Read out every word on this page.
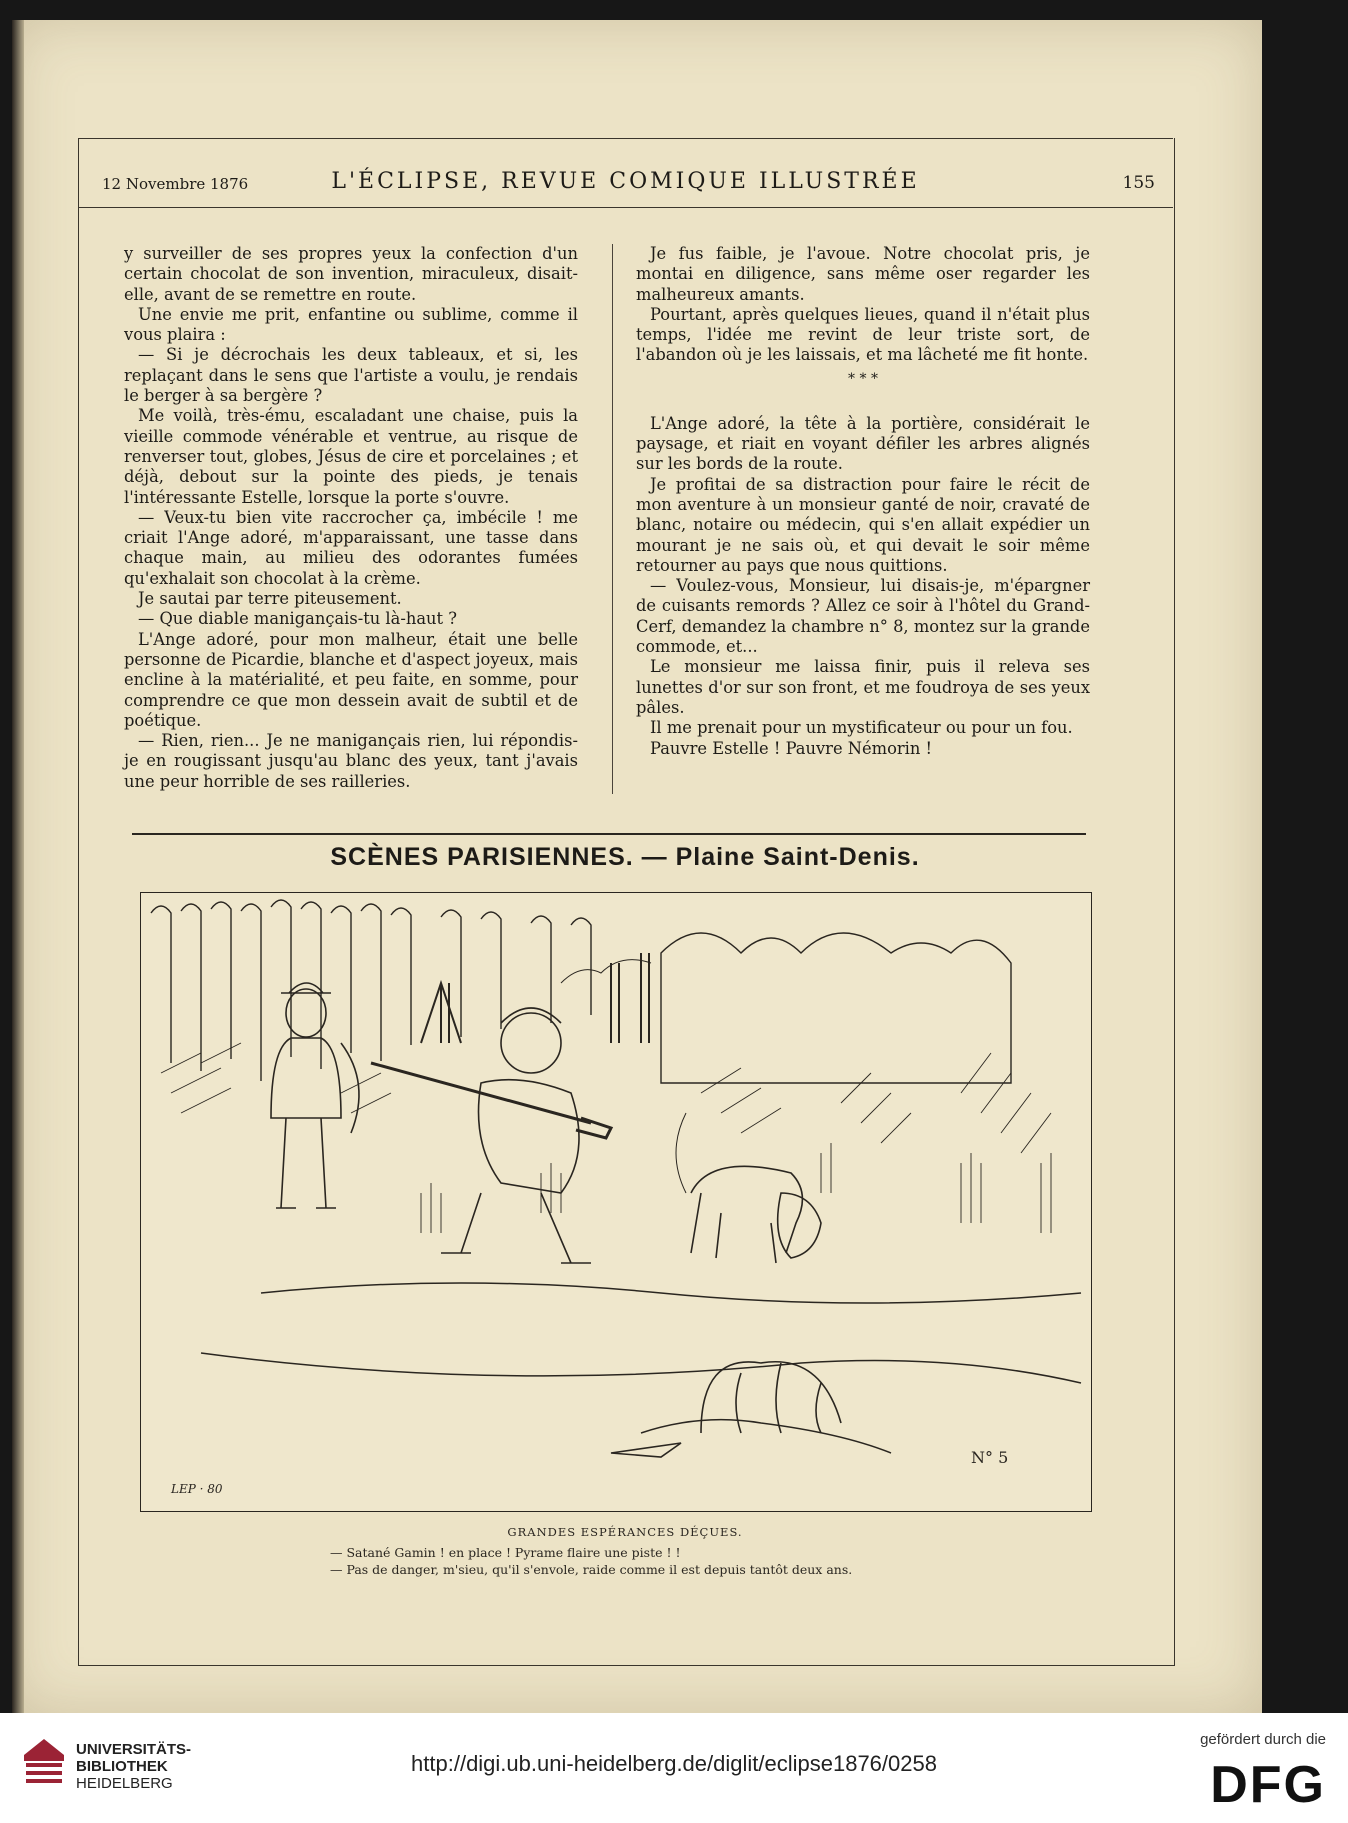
12 Novembre 1876	L'ÉCLIPSE, REVUE COMIQUE ILLUSTRÉE	155

y surveiller de ses propres yeux la confection d'un certain chocolat de son invention, miraculeux, disait-elle, avant de se remettre en route.

Une envie me prit, enfantine ou sublime, comme il vous plaira :

— Si je décrochais les deux tableaux, et si, les replaçant dans le sens que l'artiste a voulu, je rendais le berger à sa bergère ?

Me voilà, très-ému, escaladant une chaise, puis la vieille commode vénérable et ventrue, au risque de renverser tout, globes, Jésus de cire et porcelaines ; et déjà, debout sur la pointe des pieds, je tenais l'intéressante Estelle, lorsque la porte s'ouvre.

— Veux-tu bien vite raccrocher ça, imbécile ! me criait l'Ange adoré, m'apparaissant, une tasse dans chaque main, au milieu des odorantes fumées qu'exhalait son chocolat à la crème.

Je sautai par terre piteusement.

— Que diable manigançais-tu là-haut ?

L'Ange adoré, pour mon malheur, était une belle personne de Picardie, blanche et d'aspect joyeux, mais encline à la matérialité, et peu faite, en somme, pour comprendre ce que mon dessein avait de subtil et de poétique.

— Rien, rien... Je ne manigançais rien, lui répondis-je en rougissant jusqu'au blanc des yeux, tant j'avais une peur horrible de ses railleries.

Je fus faible, je l'avoue. Notre chocolat pris, je montai en diligence, sans même oser regarder les malheureux amants.

Pourtant, après quelques lieues, quand il n'était plus temps, l'idée me revint de leur triste sort, de l'abandon où je les laissais, et ma lâcheté me fit honte.

* * *

L'Ange adoré, la tête à la portière, considérait le paysage, et riait en voyant défiler les arbres alignés sur les bords de la route.

Je profitai de sa distraction pour faire le récit de mon aventure à un monsieur ganté de noir, cravaté de blanc, notaire ou médecin, qui s'en allait expédier un mourant je ne sais où, et qui devait le soir même retourner au pays que nous quittions.

— Voulez-vous, Monsieur, lui disais-je, m'épargner de cuisants remords ? Allez ce soir à l'hôtel du Grand-Cerf, demandez la chambre n° 8, montez sur la grande commode, et...

Le monsieur me laissa finir, puis il releva ses lunettes d'or sur son front, et me foudroya de ses yeux pâles.

Il me prenait pour un mystificateur ou pour un fou.

Pauvre Estelle ! Pauvre Némorin !

SCÈNES PARISIENNES. — Plaine Saint-Denis.
LEP · 80
N° 5
GRANDES ESPÉRANCES DÉÇUES.
— Satané Gamin ! en place ! Pyrame flaire une piste ! !
— Pas de danger, m'sieu, qu'il s'envole, raide comme il est depuis tantôt deux ans.
UNIVERSITÄTS-
BIBLIOTHEK
HEIDELBERG
http://digi.ub.uni-heidelberg.de/diglit/eclipse1876/0258
gefördert durch die
DFG
